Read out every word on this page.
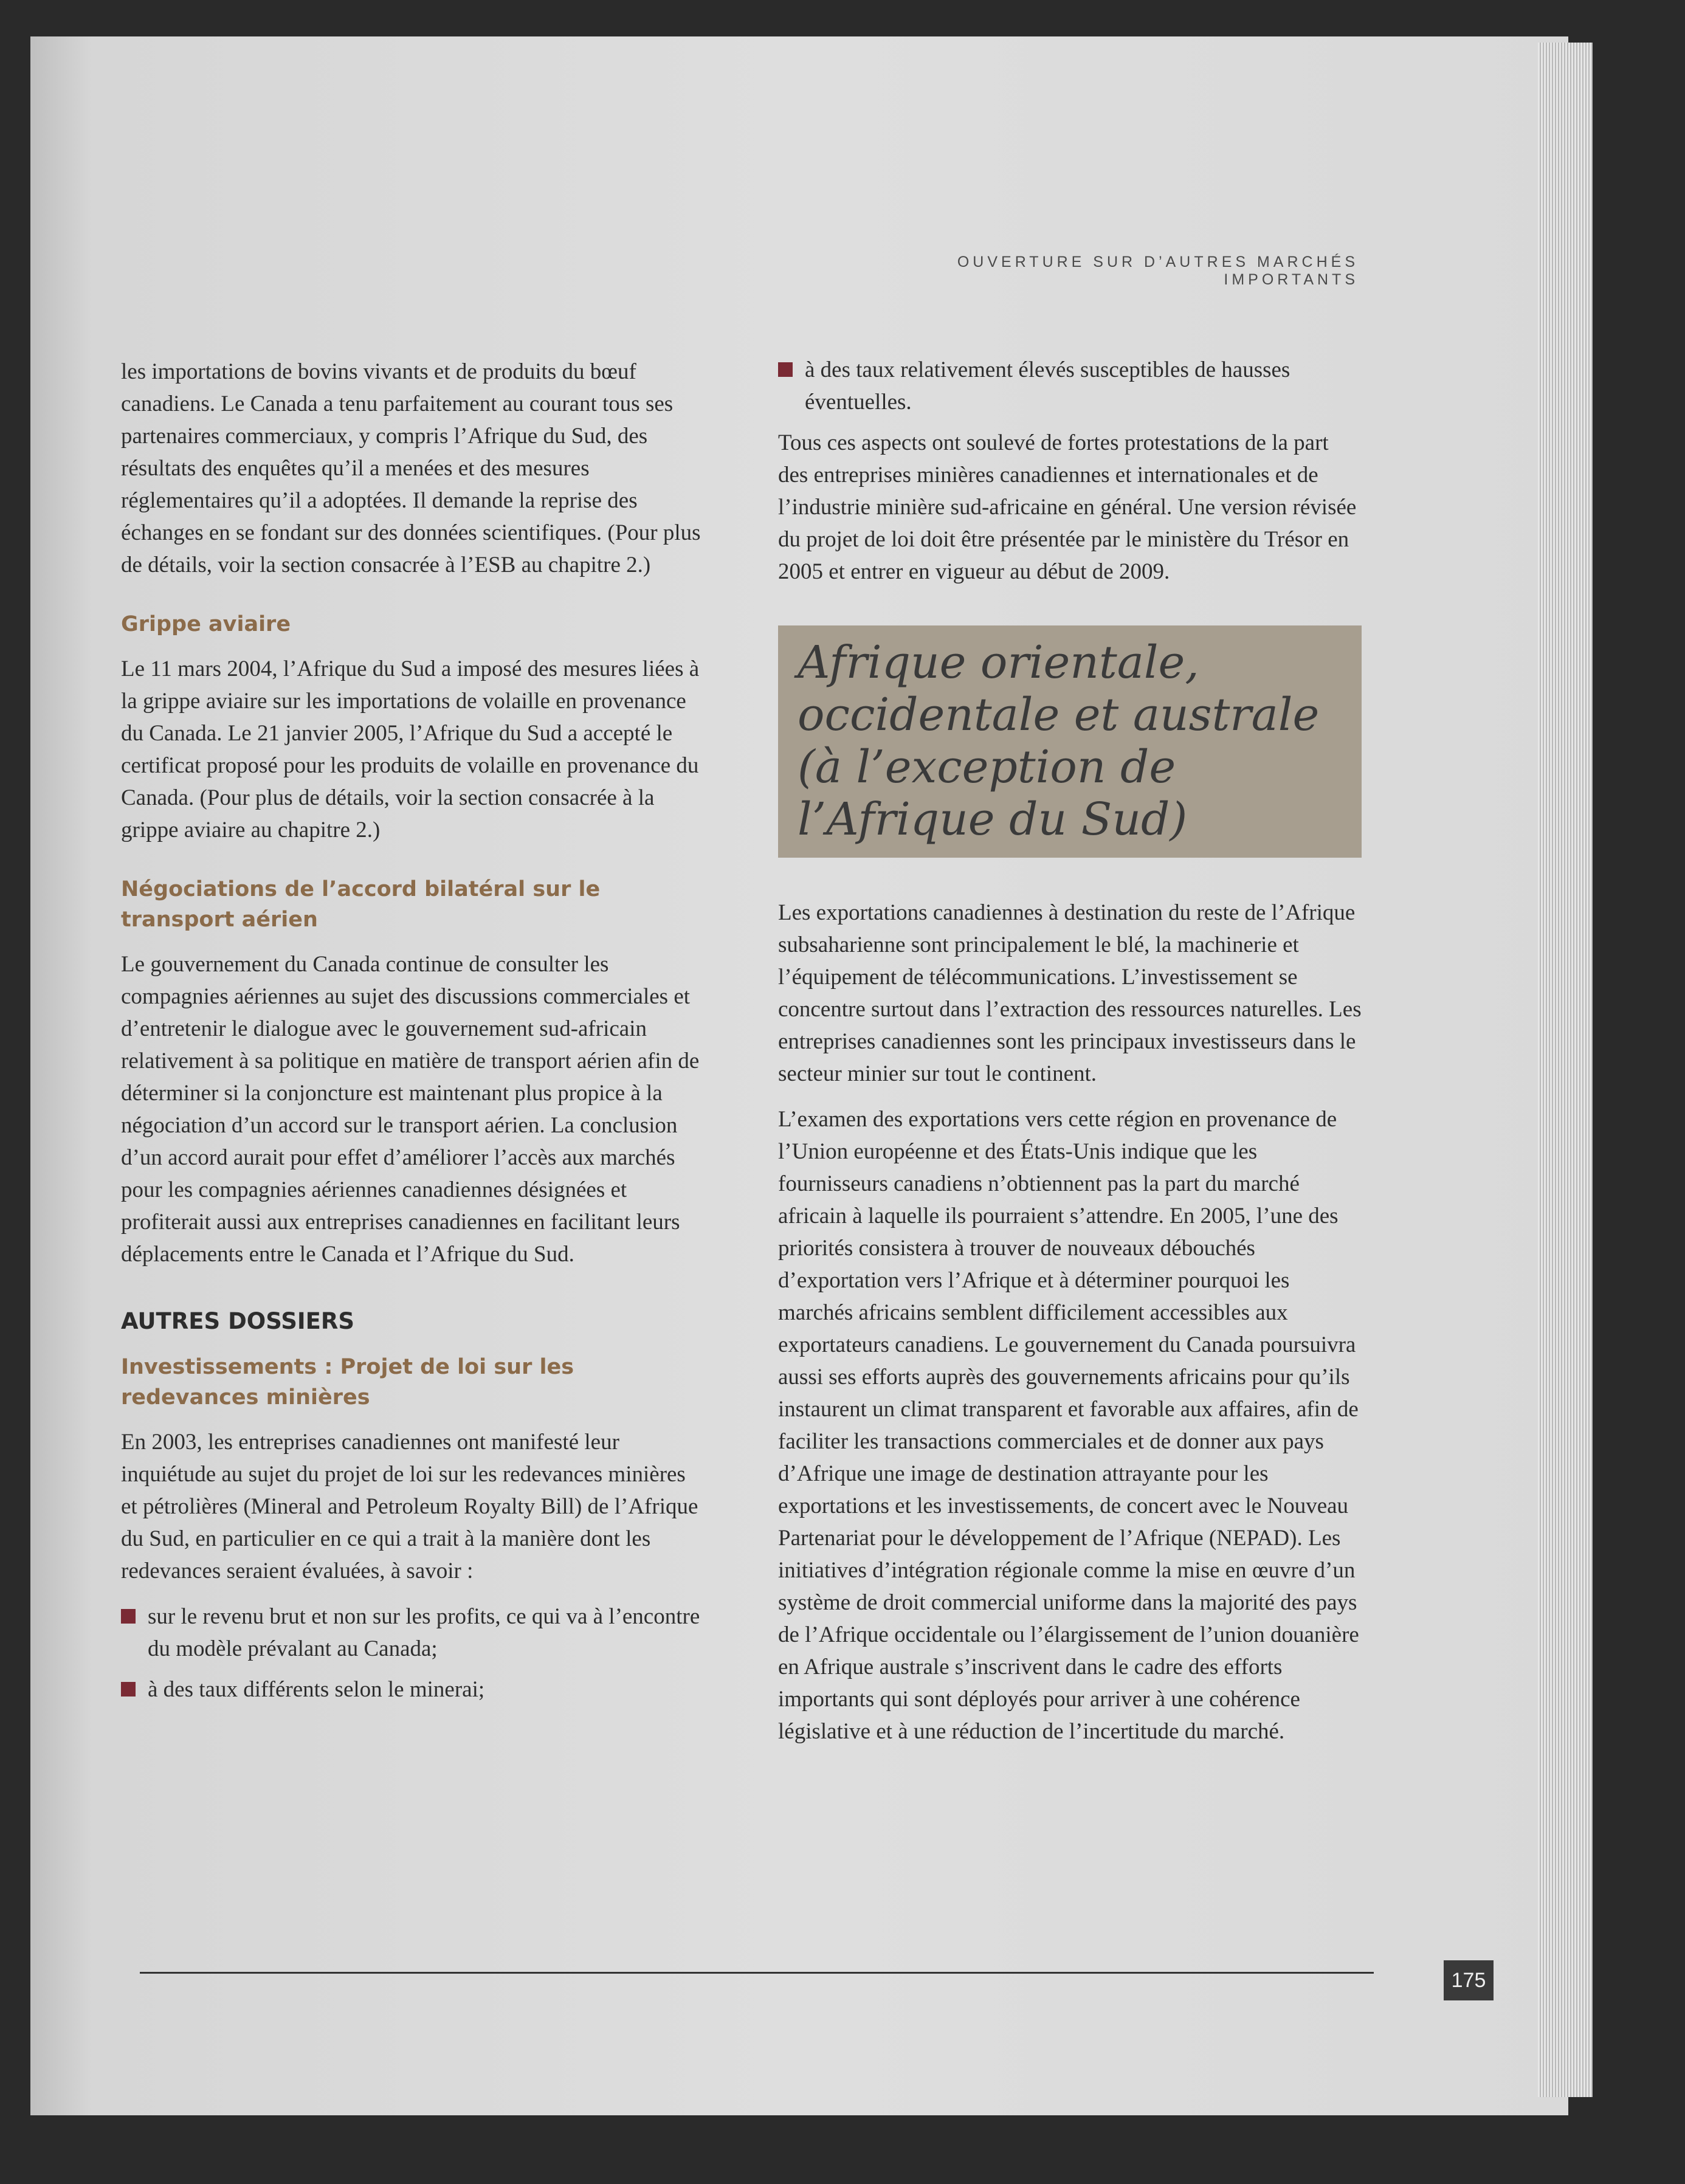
OUVERTURE SUR D’AUTRES MARCHÉS IMPORTANTS

les importations de bovins vivants et de produits du bœuf canadiens. Le Canada a tenu parfaitement au courant tous ses partenaires commerciaux, y compris l’Afrique du Sud, des résultats des enquêtes qu’il a menées et des mesures réglementaires qu’il a adoptées. Il demande la reprise des échanges en se fondant sur des données scientifiques. (Pour plus de détails, voir la section consacrée à l’ESB au chapitre 2.)

Grippe aviaire

Le 11 mars 2004, l’Afrique du Sud a imposé des mesures liées à la grippe aviaire sur les importations de volaille en provenance du Canada. Le 21 janvier 2005, l’Afrique du Sud a accepté le certificat proposé pour les produits de volaille en provenance du Canada. (Pour plus de détails, voir la section consacrée à la grippe aviaire au chapitre 2.)

Négociations de l’accord bilatéral sur le transport aérien

Le gouvernement du Canada continue de consulter les compagnies aériennes au sujet des discussions commerciales et d’entretenir le dialogue avec le gouvernement sud-africain relativement à sa politique en matière de transport aérien afin de déterminer si la conjoncture est maintenant plus propice à la négociation d’un accord sur le transport aérien. La conclusion d’un accord aurait pour effet d’améliorer l’accès aux marchés pour les compagnies aériennes canadiennes désignées et profiterait aussi aux entreprises canadiennes en facilitant leurs déplacements entre le Canada et l’Afrique du Sud.

AUTRES DOSSIERS
Investissements : Projet de loi sur les redevances minières

En 2003, les entreprises canadiennes ont manifesté leur inquiétude au sujet du projet de loi sur les redevances minières et pétrolières (Mineral and Petroleum Royalty Bill) de l’Afrique du Sud, en particulier en ce qui a trait à la manière dont les redevances seraient évaluées, à savoir :

sur le revenu brut et non sur les profits, ce qui va à l’encontre du modèle prévalant au Canada;
à des taux différents selon le minerai;
à des taux relativement élevés susceptibles de hausses éventuelles.

Tous ces aspects ont soulevé de fortes protestations de la part des entreprises minières canadiennes et internationales et de l’industrie minière sud-africaine en général. Une version révisée du projet de loi doit être présentée par le ministère du Trésor en 2005 et entrer en vigueur au début de 2009.

Afrique orientale, occidentale et australe (à l’exception de l’Afrique du Sud)

Les exportations canadiennes à destination du reste de l’Afrique subsaharienne sont principalement le blé, la machinerie et l’équipement de télécommunications. L’investissement se concentre surtout dans l’extraction des ressources naturelles. Les entreprises canadiennes sont les principaux investisseurs dans le secteur minier sur tout le continent.

L’examen des exportations vers cette région en provenance de l’Union européenne et des États-Unis indique que les fournisseurs canadiens n’obtiennent pas la part du marché africain à laquelle ils pourraient s’attendre. En 2005, l’une des priorités consistera à trouver de nouveaux débouchés d’exportation vers l’Afrique et à déterminer pourquoi les marchés africains semblent difficilement accessibles aux exportateurs canadiens. Le gouvernement du Canada poursuivra aussi ses efforts auprès des gouvernements africains pour qu’ils instaurent un climat transparent et favorable aux affaires, afin de faciliter les transactions commerciales et de donner aux pays d’Afrique une image de destination attrayante pour les exportations et les investissements, de concert avec le Nouveau Partenariat pour le développement de l’Afrique (NEPAD). Les initiatives d’intégration régionale comme la mise en œuvre d’un système de droit commercial uniforme dans la majorité des pays de l’Afrique occidentale ou l’élargissement de l’union douanière en Afrique australe s’inscrivent dans le cadre des efforts importants qui sont déployés pour arriver à une cohérence législative et à une réduction de l’incertitude du marché.

175
